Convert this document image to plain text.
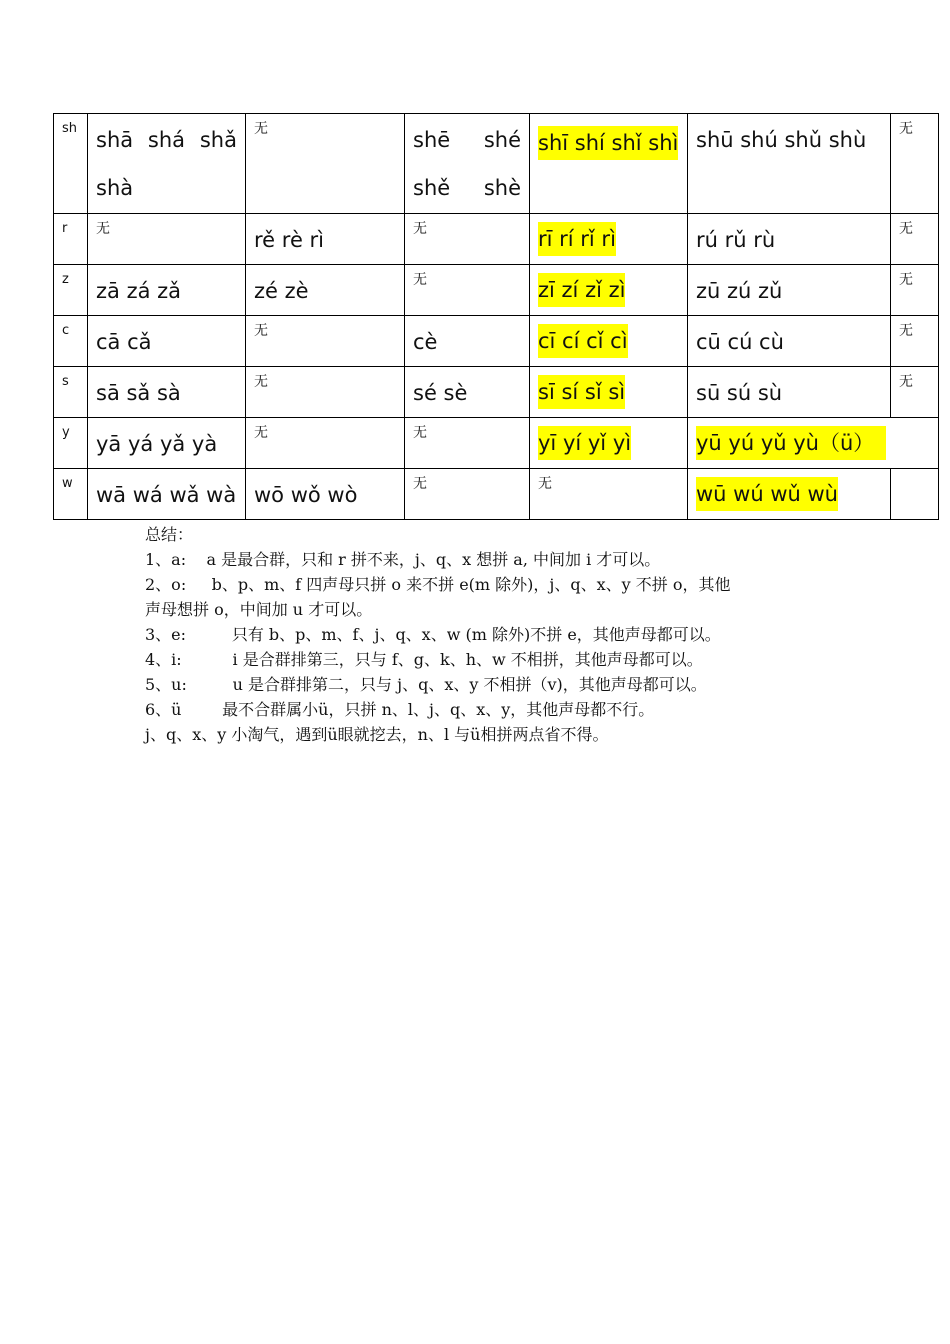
sh	shā shá shǎ shà	无	shē shé shě shè	shī shí shǐ shì	shū shú shǔ shù	无
r	无	rě rè rì	无	rī rí rǐ rì	rú rǔ rù	无
z	zā zá zǎ	zé zè	无	zī zí zǐ zì	zū zú zǔ	无
c	cā cǎ	无	cè	cī cí cǐ cì	cū cú cù	无
s	sā sǎ sà	无	sé sè	sī sí sǐ sì	sū sú sù	无
y	yā yá yǎ yà	无	无	yī yí yǐ yì	yū yú yǔ yù（ü）	
w	wā wá wǎ wà	wō wǒ wò	无	无	wū wú wǔ wù	

总结：

1、a:    a 是最合群，只和 r 拼不来，j、q、x 想拼 a, 中间加 i 才可以。

2、o:     b、p、m、f 四声母只拼 o 来不拼 e(m 除外)，j、q、x、y 不拼 o，其他

声母想拼 o，中间加 u 才可以。

3、e:         只有 b、p、m、f、j、q、x、w (m 除外)不拼 e，其他声母都可以。

4、i:          i 是合群排第三，只与 f、g、k、h、w 不相拼，其他声母都可以。

5、u:         u 是合群排第二，只与 j、q、x、y 不相拼（v)，其他声母都可以。

6、ü        最不合群属小ü，只拼 n、l、j、q、x、y，其他声母都不行。

j、q、x、y 小淘气，遇到ü眼就挖去，n、l 与ü相拼两点省不得。
